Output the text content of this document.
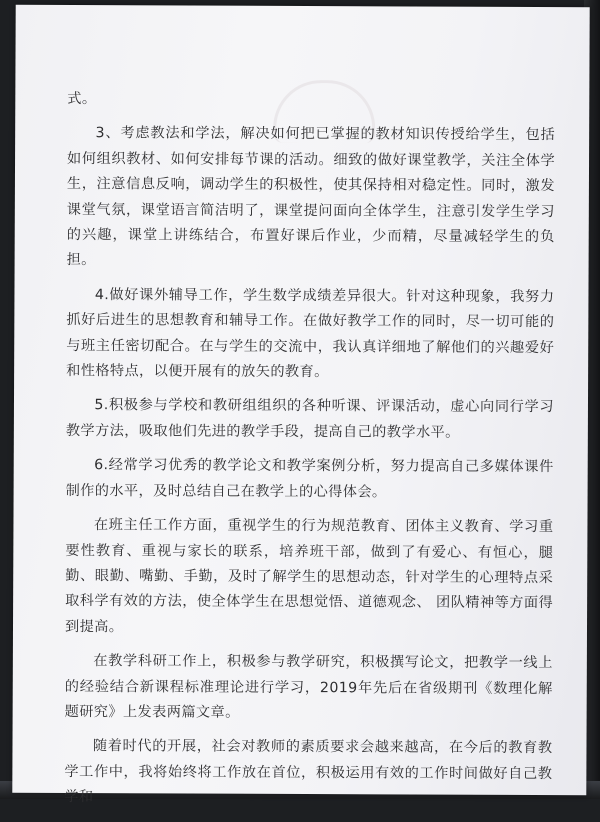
式。

3、考虑教法和学法，解决如何把已掌握的教材知识传授给学生，包括如何组织教材、如何安排每节课的活动。细致的做好课堂教学，关注全体学生，注意信息反响，调动学生的积极性，使其保持相对稳定性。同时，激发课堂气氛，课堂语言简洁明了，课堂提问面向全体学生，注意引发学生学习的兴趣，课堂上讲练结合，布置好课后作业，少而精，尽量减轻学生的负担。

4.做好课外辅导工作，学生数学成绩差异很大。针对这种现象，我努力抓好后进生的思想教育和辅导工作。在做好教学工作的同时，尽一切可能的与班主任密切配合。在与学生的交流中，我认真详细地了解他们的兴趣爱好和性格特点，以便开展有的放矢的教育。

5.积极参与学校和教研组组织的各种听课、评课活动，虚心向同行学习教学方法，吸取他们先进的教学手段，提高自己的教学水平。

6.经常学习优秀的教学论文和教学案例分析，努力提高自己多媒体课件制作的水平，及时总结自己在教学上的心得体会。

在班主任工作方面，重视学生的行为规范教育、团体主义教育、学习重要性教育、重视与家长的联系，培养班干部，做到了有爱心、有恒心，腿勤、眼勤、嘴勤、手勤，及时了解学生的思想动态，针对学生的心理特点采取科学有效的方法，使全体学生在思想觉悟、道德观念、 团队精神等方面得到提高。

在教学科研工作上，积极参与教学研究，积极撰写论文，把教学一线上的经验结合新课程标准理论进行学习，2019年先后在省级期刊《数理化解题研究》上发表两篇文章。

随着时代的开展，社会对教师的素质要求会越来越高，在今后的教育教学工作中，我将始终将工作放在首位，积极运用有效的工作时间做好自己教学和
